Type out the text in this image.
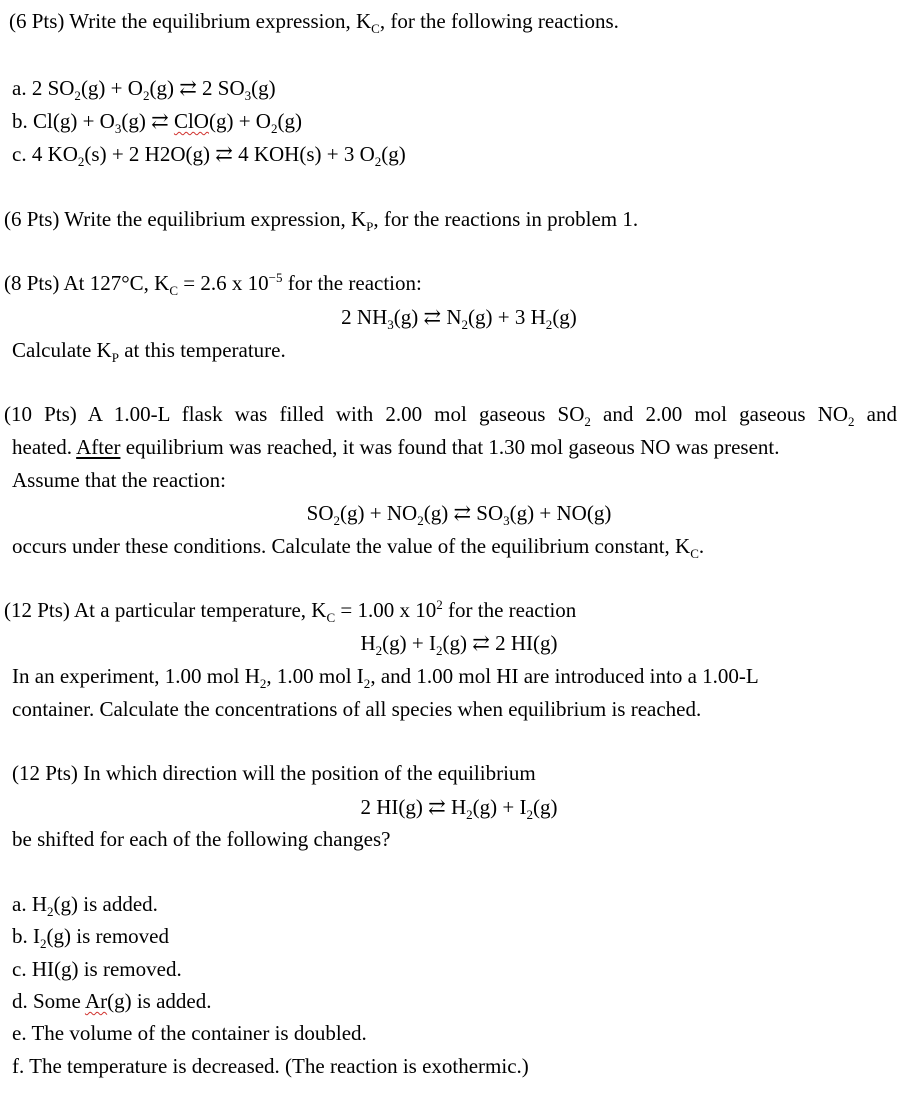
(6 Pts) Write the equilibrium expression, $K_C$, for the following reactions.
a. 2 $SO_2(g) + O_2(g)$ ⇄ 2 $SO_3(g)$
b. $Cl(g) + O_3(g)$ ⇄ $ClO(g) + O_2(g)$
c. 4 $KO_2(s) + 2$ H2O(g) ⇄ 4 KOH(s) + 3 $O_2(g)$
(6 Pts) Write the equilibrium expression, $K_P$, for the reactions in problem 1.
(8 Pts) At 127°C, $K_C = 2.6$ x $10^{-5}$ for the reaction:
2 $NH_3(g)$ ⇄ $N_2(g) + 3$ $H_2(g)$
Calculate $K_P$ at this temperature.
(10 Pts) A 1.00-L flask was filled with 2.00 mol gaseous $SO_2$ and 2.00 mol gaseous $NO_2$ and
heated. After equilibrium was reached, it was found that 1.30 mol gaseous NO was present.
Assume that the reaction:
$SO_2(g) + NO_2(g)$ ⇄ $SO_3(g) + NO(g)$
occurs under these conditions. Calculate the value of the equilibrium constant, $K_C$.
(12 Pts) At a particular temperature, $K_C = 1.00$ x $10^2$ for the reaction
$H_2(g) + I_2(g)$ ⇄ 2 HI(g)
In an experiment, 1.00 mol $H_2$, 1.00 mol $I_2$, and 1.00 mol HI are introduced into a 1.00-L
container. Calculate the concentrations of all species when equilibrium is reached.
(12 Pts) In which direction will the position of the equilibrium
2 HI(g) ⇄ $H_2(g) + I_2(g)$
be shifted for each of the following changes?
a. $H_2(g)$ is added.
b. $I_2(g)$ is removed
c. HI(g) is removed.
d. Some Ar(g) is added.
e. The volume of the container is doubled.
f. The temperature is decreased. (The reaction is exothermic.)
